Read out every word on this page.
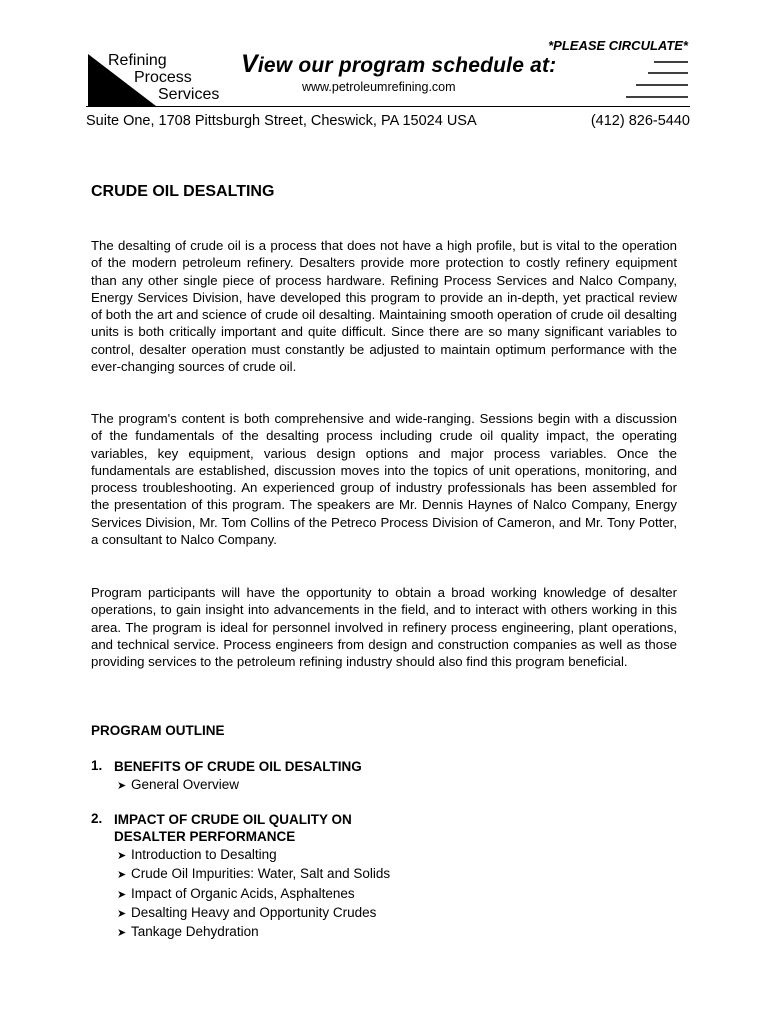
Refining
Process
Services
View our program schedule at:
www.petroleumrefining.com
*PLEASE CIRCULATE*
Suite One, 1708 Pittsburgh Street, Cheswick, PA 15024 USA	(412) 826-5440
CRUDE OIL DESALTING

The desalting of crude oil is a process that does not have a high profile, but is vital to the operation of the modern petroleum refinery. Desalters provide more protection to costly refinery equipment than any other single piece of process hardware. Refining Process Services and Nalco Company, Energy Services Division, have developed this program to provide an in-depth, yet practical review of both the art and science of crude oil desalting. Maintaining smooth operation of crude oil desalting units is both critically important and quite difficult. Since there are so many significant variables to control, desalter operation must constantly be adjusted to maintain optimum performance with the ever-changing sources of crude oil.

The program's content is both comprehensive and wide-ranging. Sessions begin with a discussion of the fundamentals of the desalting process including crude oil quality impact, the operating variables, key equipment, various design options and major process variables. Once the fundamentals are established, discussion moves into the topics of unit operations, monitoring, and process troubleshooting. An experienced group of industry professionals has been assembled for the presentation of this program. The speakers are Mr. Dennis Haynes of Nalco Company, Energy Services Division, Mr. Tom Collins of the Petreco Process Division of Cameron, and Mr. Tony Potter, a consultant to Nalco Company.

Program participants will have the opportunity to obtain a broad working knowledge of desalter operations, to gain insight into advancements in the field, and to interact with others working in this area. The program is ideal for personnel involved in refinery process engineering, plant operations, and technical service. Process engineers from design and construction companies as well as those providing services to the petroleum refining industry should also find this program beneficial.

PROGRAM OUTLINE
1. BENEFITS OF CRUDE OIL DESALTING
➤ General Overview
2. IMPACT OF CRUDE OIL QUALITY ON
DESALTER PERFORMANCE
➤ Introduction to Desalting
➤ Crude Oil Impurities: Water, Salt and Solids
➤ Impact of Organic Acids, Asphaltenes
➤ Desalting Heavy and Opportunity Crudes
➤ Tankage Dehydration
